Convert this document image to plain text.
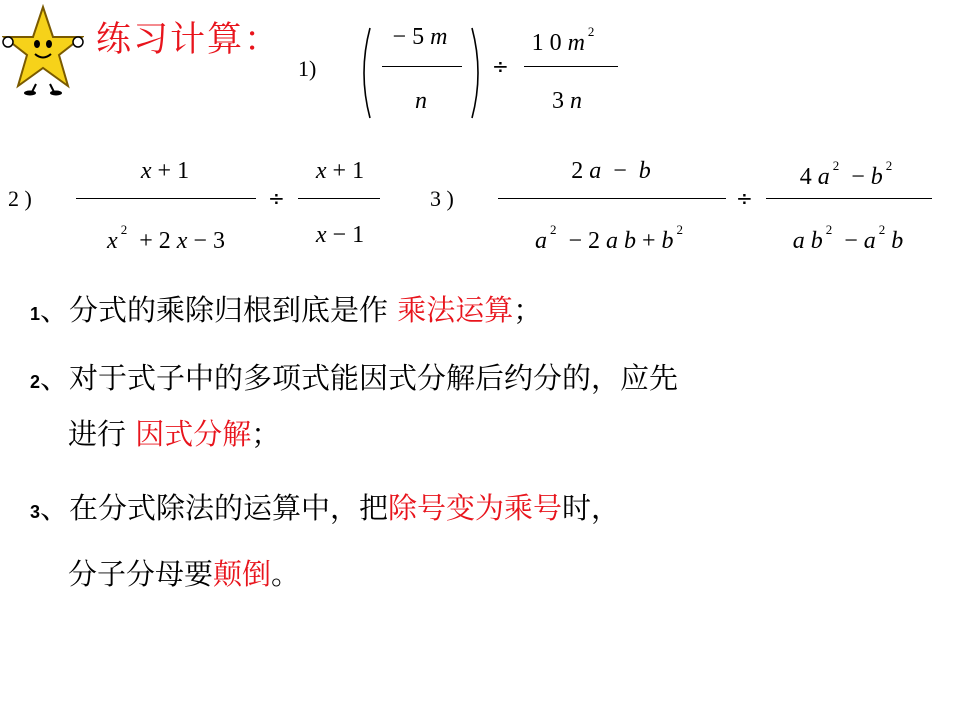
练习计算：
1)
− 5 m
n
÷
1 0 m $^2$
3 n
2 )
x + 1
x $^2$ + 2 x − 3
÷
x + 1
x − 1
3 )
2 a − b
a $^2$ − 2 a b + b $^2$
÷
4 a $^2$ − b $^2$
a b $^2$ − a $^2$ b
1、分式的乘除归根到底是作 乘法运算；
2、对于式子中的多项式能因式分解后约分的，应先
进行 因式分解；
3、在分式除法的运算中，把除号变为乘号时，
分子分母要颠倒。
